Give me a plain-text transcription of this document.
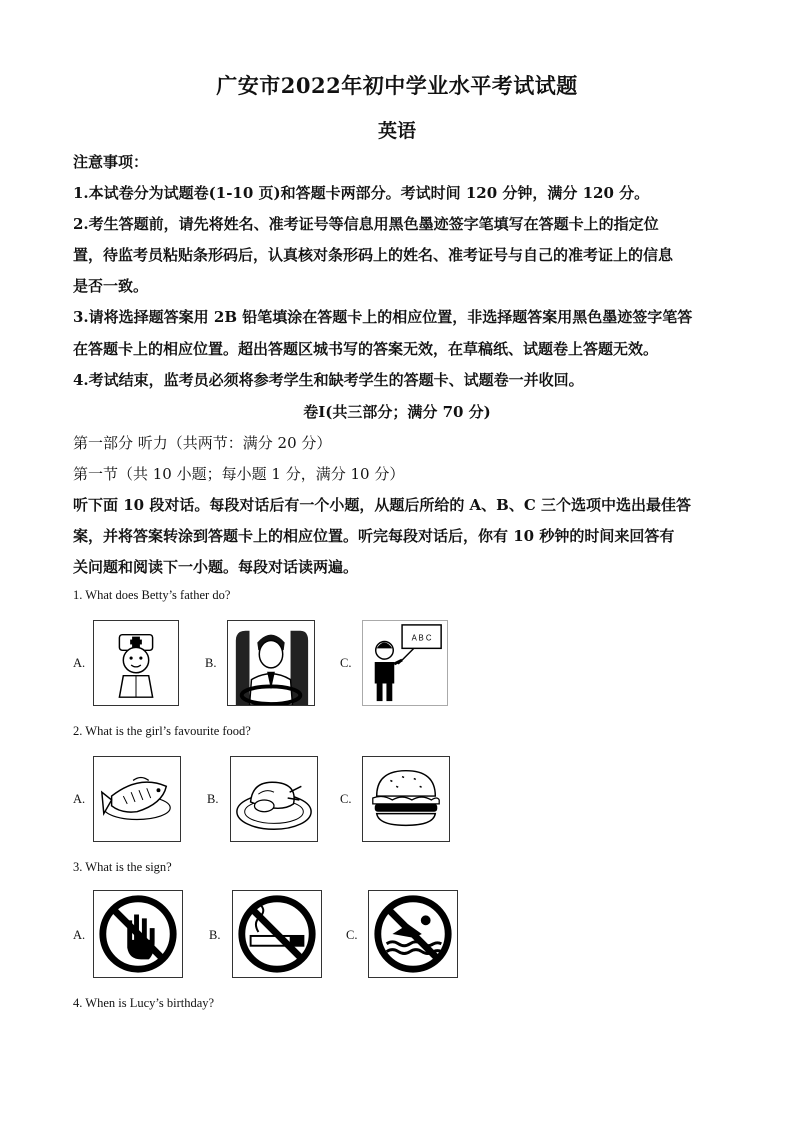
广安市2022年初中学业水平考试试题
英语
注意事项：
1.本试卷分为试题卷(1-10 页)和答题卡两部分。考试时间 120 分钟，满分 120 分。
2.考生答题前，请先将姓名、准考证号等信息用黑色墨迹签字笔填写在答题卡上的指定位
置，待监考员粘贴条形码后，认真核对条形码上的姓名、准考证号与自己的准考证上的信息
是否一致。
3.请将选择题答案用 2B 铅笔填涂在答题卡上的相应位置，非选择题答案用黑色墨迹签字笔答
在答题卡上的相应位置。超出答题区城书写的答案无效，在草稿纸、试题卷上答题无效。
4.考试结束，监考员必须将参考学生和缺考学生的答题卡、试题卷一并收回。
卷Ⅰ(共三部分；满分 70 分)
第一部分 听力（共两节：满分 20 分）
第一节（共 10 小题；每小题 1 分，满分 10 分）
听下面 10 段对话。每段对话后有一个小题，从题后所给的 A、B、C 三个选项中选出最佳答
案，并将答案转涂到答题卡上的相应位置。听完每段对话后，你有 10 秒钟的时间来回答有
关问题和阅读下一小题。每段对话读两遍。
1. What does Betty’s father do?
A.	B.	C.
A B C
2. What is the girl’s favourite food?
A.	B.	C.
3. What is the sign?
A.	B.	C.
4. When is Lucy’s birthday?
